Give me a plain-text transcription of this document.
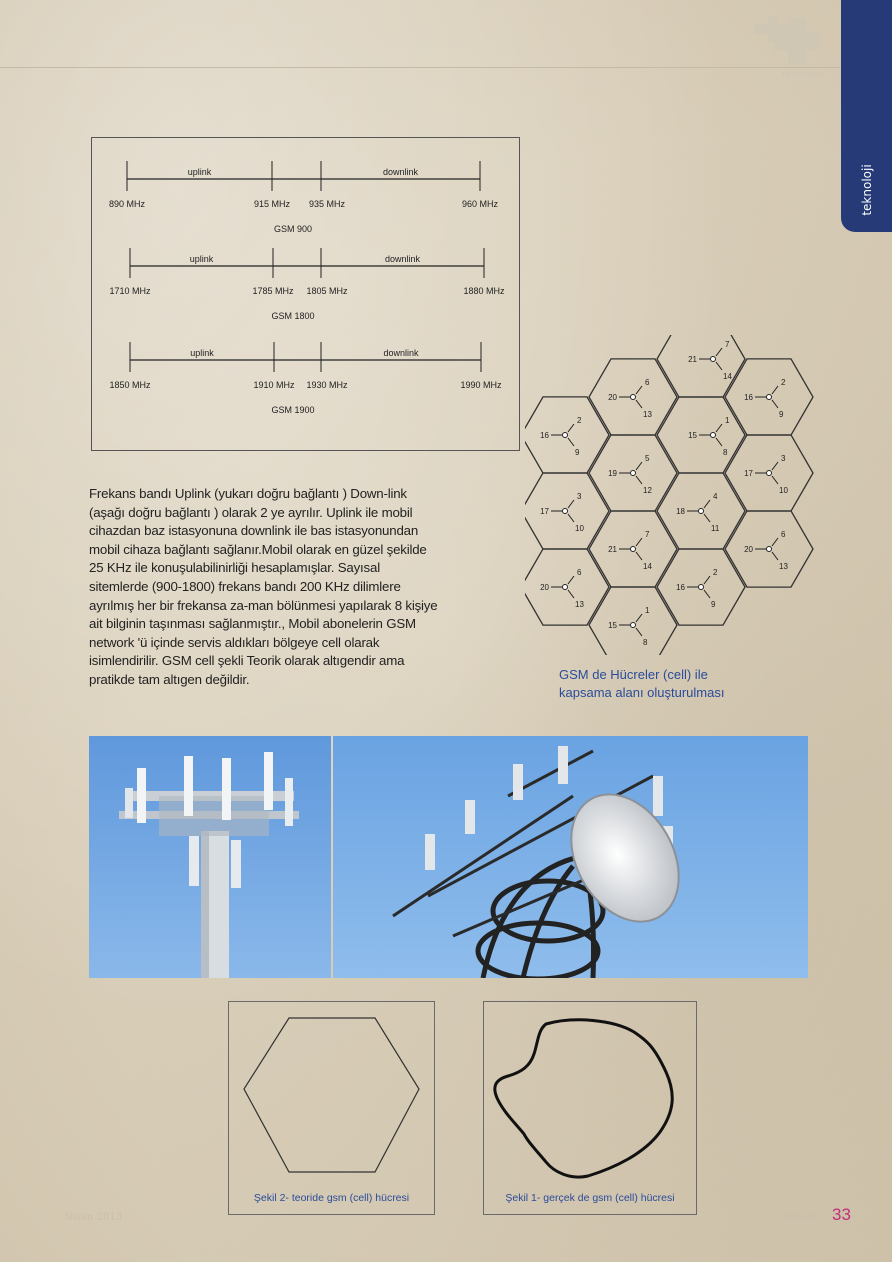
teknoloji
teknoloji
uplink	downlink
890 MHz	915 MHz 935 MHz	960 MHz
GSM 900
uplink	downlink
1710 MHz	1785 MHz 1805 MHz	1880 MHz
GSM 1800
uplink	downlink
1850 MHz	1910 MHz 1930 MHz	1990 MHz
GSM 1900
Frekans bandı Uplink (yukarı doğru bağlantı ) Down-link (aşağı doğru bağlantı ) olarak 2 ye ayrılır. Uplink ile mobil cihazdan baz istasyonuna downlink ile bas istasyonundan mobil cihaza bağlantı sağlanır.Mobil olarak en güzel şekilde 25 KHz ile konuşulabilinirliği hesaplamışlar. Sayısal sitemlerde (900-1800) frekans bandı 200 KHz dilimlere ayrılmış her bir frekansa za-man bölünmesi yapılarak 8 kişiye ait bilginin taşınması sağlanmıştır., Mobil abonelerin GSM network 'ü içinde servis aldıkları bölgeye cell olarak isimlendirilir. GSM cell şekli Teorik olarak altıgendir ama pratikde tam altıgen değildir.
21
7
14
20
6
13
16
2
9
15
1
8
16
2
9
19
5
12
17
3
10
17
3
10
18
4
11
21
7
14
20
6
13
20
6
13
16
2
9
15
1
8
GSM de Hücreler (cell) ile
kapsama alanı oluşturulması
Şekil 2- teoride gsm (cell) hücresi	Şekil 1- gerçek de gsm (cell) hücresi
Nisan 2013	teknoloji 33
